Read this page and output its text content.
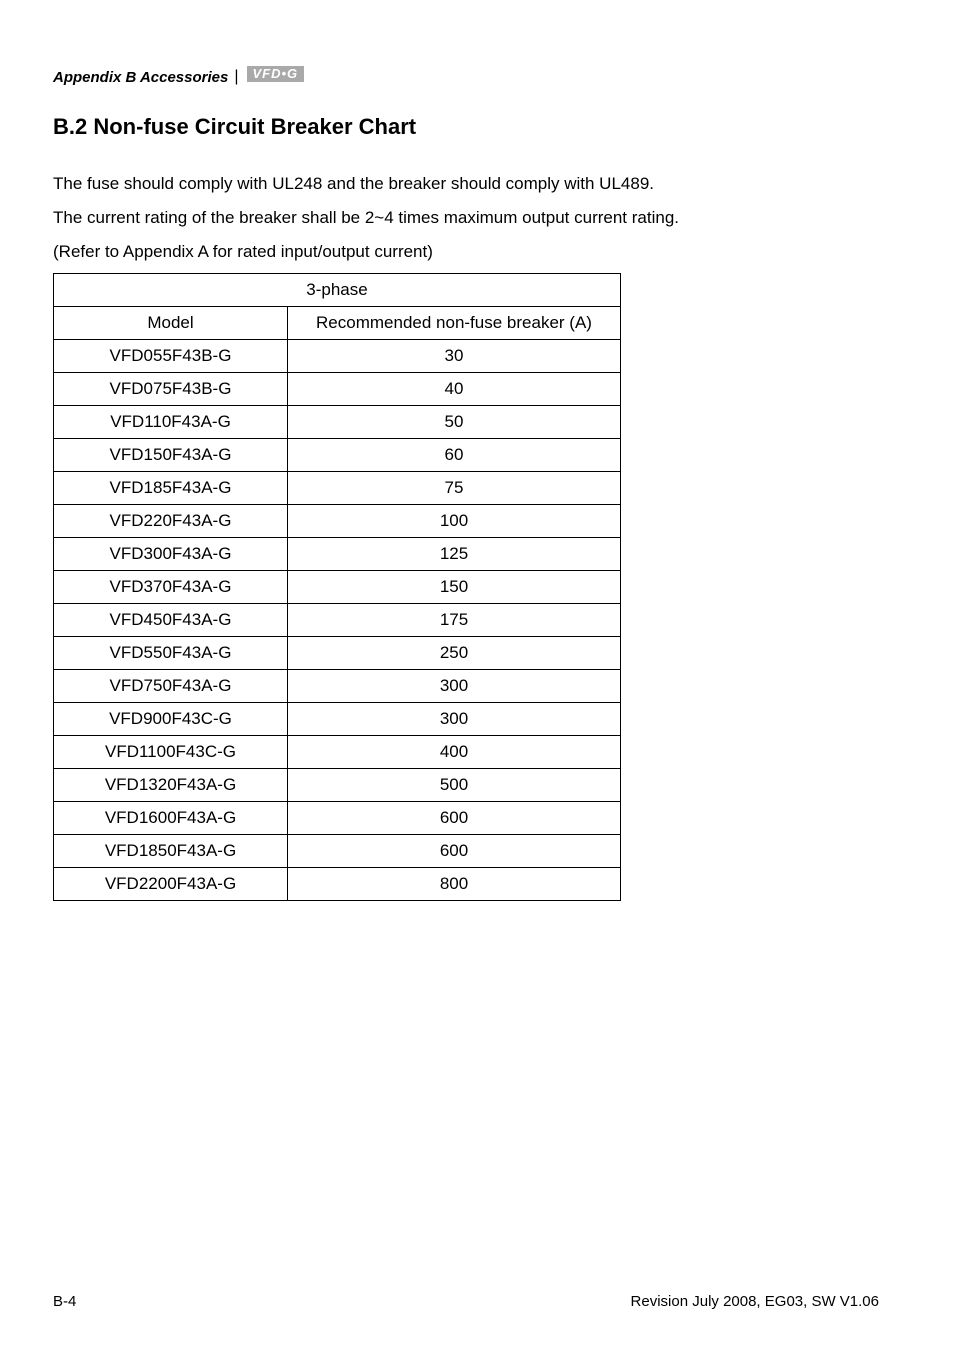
Appendix B Accessories |	VFD•G
B.2 Non-fuse Circuit Breaker Chart

The fuse should comply with UL248 and the breaker should comply with UL489.

The current rating of the breaker shall be 2~4 times maximum output current rating.

(Refer to Appendix A for rated input/output current)

3-phase	
Model	Recommended non-fuse breaker (A)
VFD055F43B-G	30
VFD075F43B-G	40
VFD110F43A-G	50
VFD150F43A-G	60
VFD185F43A-G	75
VFD220F43A-G	100
VFD300F43A-G	125
VFD370F43A-G	150
VFD450F43A-G	175
VFD550F43A-G	250
VFD750F43A-G	300
VFD900F43C-G	300
VFD1100F43C-G	400
VFD1320F43A-G	500
VFD1600F43A-G	600
VFD1850F43A-G	600
VFD2200F43A-G	800
B-4	Revision July 2008, EG03, SW V1.06
